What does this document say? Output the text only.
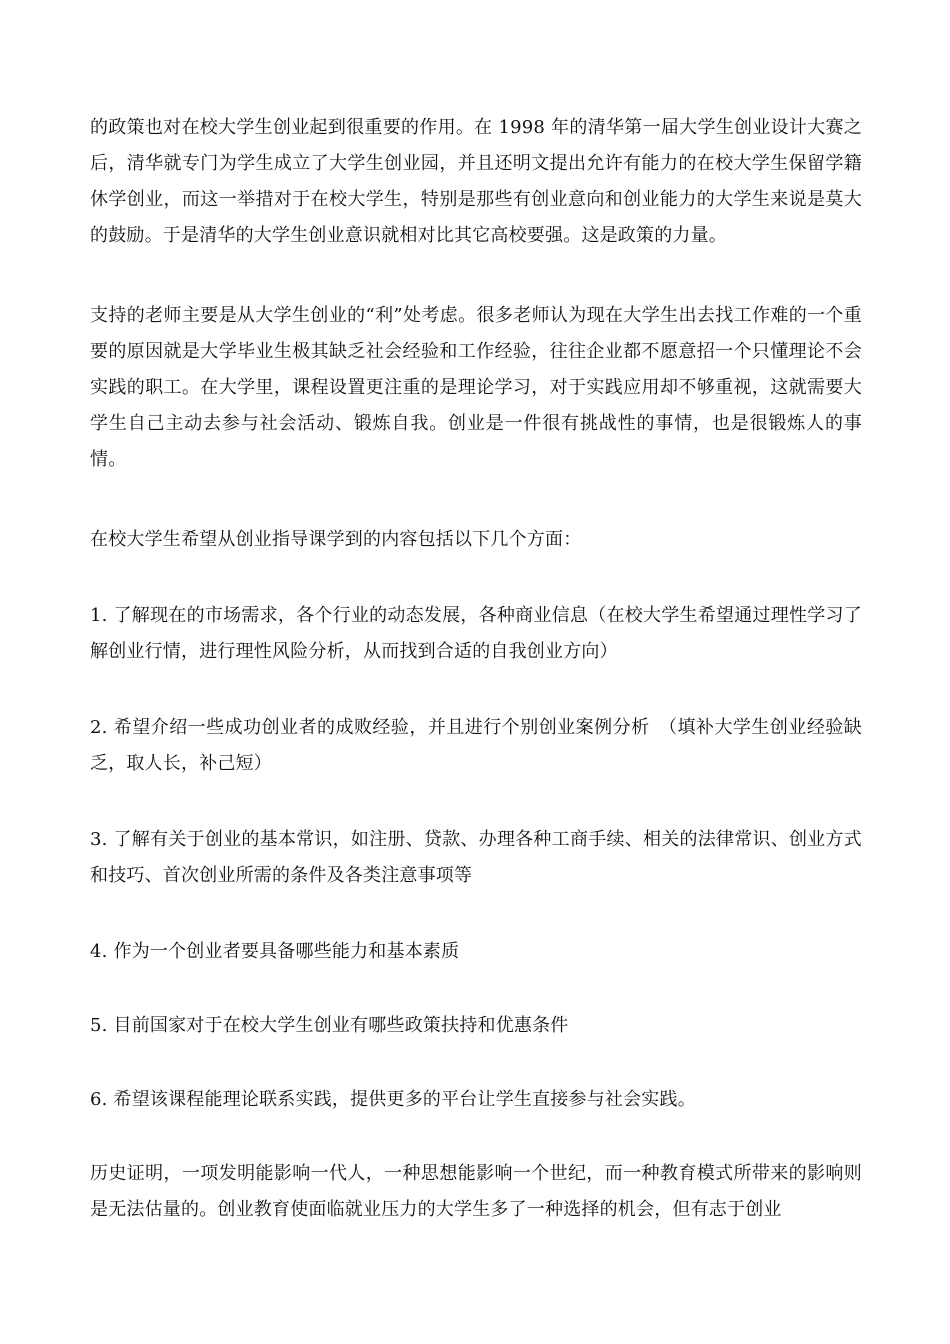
的政策也对在校大学生创业起到很重要的作用。在 1998 年的清华第一届大学生创业设计大赛之后，清华就专门为学生成立了大学生创业园，并且还明文提出允许有能力的在校大学生保留学籍休学创业，而这一举措对于在校大学生，特别是那些有创业意向和创业能力的大学生来说是莫大的鼓励。于是清华的大学生创业意识就相对比其它高校要强。这是政策的力量。

支持的老师主要是从大学生创业的“利”处考虑。很多老师认为现在大学生出去找工作难的一个重要的原因就是大学毕业生极其缺乏社会经验和工作经验，往往企业都不愿意招一个只懂理论不会实践的职工。在大学里，课程设置更注重的是理论学习，对于实践应用却不够重视，这就需要大学生自己主动去参与社会活动、锻炼自我。创业是一件很有挑战性的事情，也是很锻炼人的事情。

在校大学生希望从创业指导课学到的内容包括以下几个方面：

1. 了解现在的市场需求，各个行业的动态发展，各种商业信息（在校大学生希望通过理性学习了解创业行情，进行理性风险分析，从而找到合适的自我创业方向）

2. 希望介绍一些成功创业者的成败经验，并且进行个别创业案例分析　（填补大学生创业经验缺乏，取人长，补己短）

3. 了解有关于创业的基本常识，如注册、贷款、办理各种工商手续、相关的法律常识、创业方式和技巧、首次创业所需的条件及各类注意事项等

4. 作为一个创业者要具备哪些能力和基本素质

5. 目前国家对于在校大学生创业有哪些政策扶持和优惠条件

6. 希望该课程能理论联系实践，提供更多的平台让学生直接参与社会实践。

历史证明，一项发明能影响一代人，一种思想能影响一个世纪，而一种教育模式所带来的影响则是无法估量的。创业教育使面临就业压力的大学生多了一种选择的机会，但有志于创业
